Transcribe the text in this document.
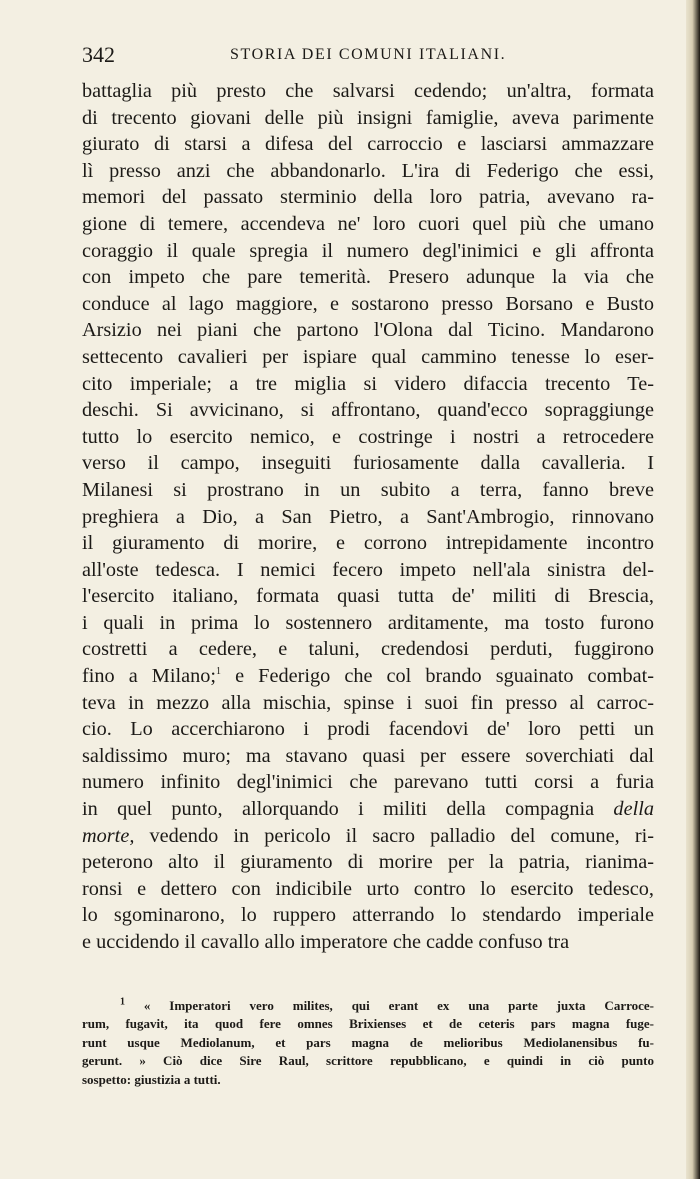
342	STORIA DEI COMUNI ITALIANI.
battaglia più presto che salvarsi cedendo; un'altra, formata
di trecento giovani delle più insigni famiglie, aveva parimente
giurato di starsi a difesa del carroccio e lasciarsi ammazzare
lì presso anzi che abbandonarlo. L'ira di Federigo che essi,
memori del passato sterminio della loro patria, avevano ra-
gione di temere, accendeva ne' loro cuori quel più che umano
coraggio il quale spregia il numero degl'inimici e gli affronta
con impeto che pare temerità. Presero adunque la via che
conduce al lago maggiore, e sostarono presso Borsano e Busto
Arsizio nei piani che partono l'Olona dal Ticino. Mandarono
settecento cavalieri per ispiare qual cammino tenesse lo eser-
cito imperiale; a tre miglia si videro difaccia trecento Te-
deschi. Si avvicinano, si affrontano, quand'ecco sopraggiunge
tutto lo esercito nemico, e costringe i nostri a retrocedere
verso il campo, inseguiti furiosamente dalla cavalleria. I
Milanesi si prostrano in un subito a terra, fanno breve
preghiera a Dio, a San Pietro, a Sant'Ambrogio, rinnovano
il giuramento di morire, e corrono intrepidamente incontro
all'oste tedesca. I nemici fecero impeto nell'ala sinistra del-
l'esercito italiano, formata quasi tutta de' militi di Brescia,
i quali in prima lo sostennero arditamente, ma tosto furono
costretti a cedere, e taluni, credendosi perduti, fuggirono
fino a Milano;$^1$ e Federigo che col brando sguainato combat-
teva in mezzo alla mischia, spinse i suoi fin presso al carroc-
cio. Lo accerchiarono i prodi facendovi de' loro petti un
saldissimo muro; ma stavano quasi per essere soverchiati dal
numero infinito degl'inimici che parevano tutti corsi a furia
in quel punto, allorquando i militi della compagnia della
morte, vedendo in pericolo il sacro palladio del comune, ri-
peterono alto il giuramento di morire per la patria, rianima-
ronsi e dettero con indicibile urto contro lo esercito tedesco,
lo sgominarono, lo ruppero atterrando lo stendardo imperiale
e uccidendo il cavallo allo imperatore che cadde confuso tra
$^1$ « Imperatori vero milites, qui erant ex una parte juxta Carroce-
rum, fugavit, ita quod fere omnes Brixienses et de ceteris pars magna fuge-
runt usque Mediolanum, et pars magna de melioribus Mediolanensibus fu-
gerunt. » Ciò dice Sire Raul, scrittore repubblicano, e quindi in ciò punto
sospetto: giustizia a tutti.
